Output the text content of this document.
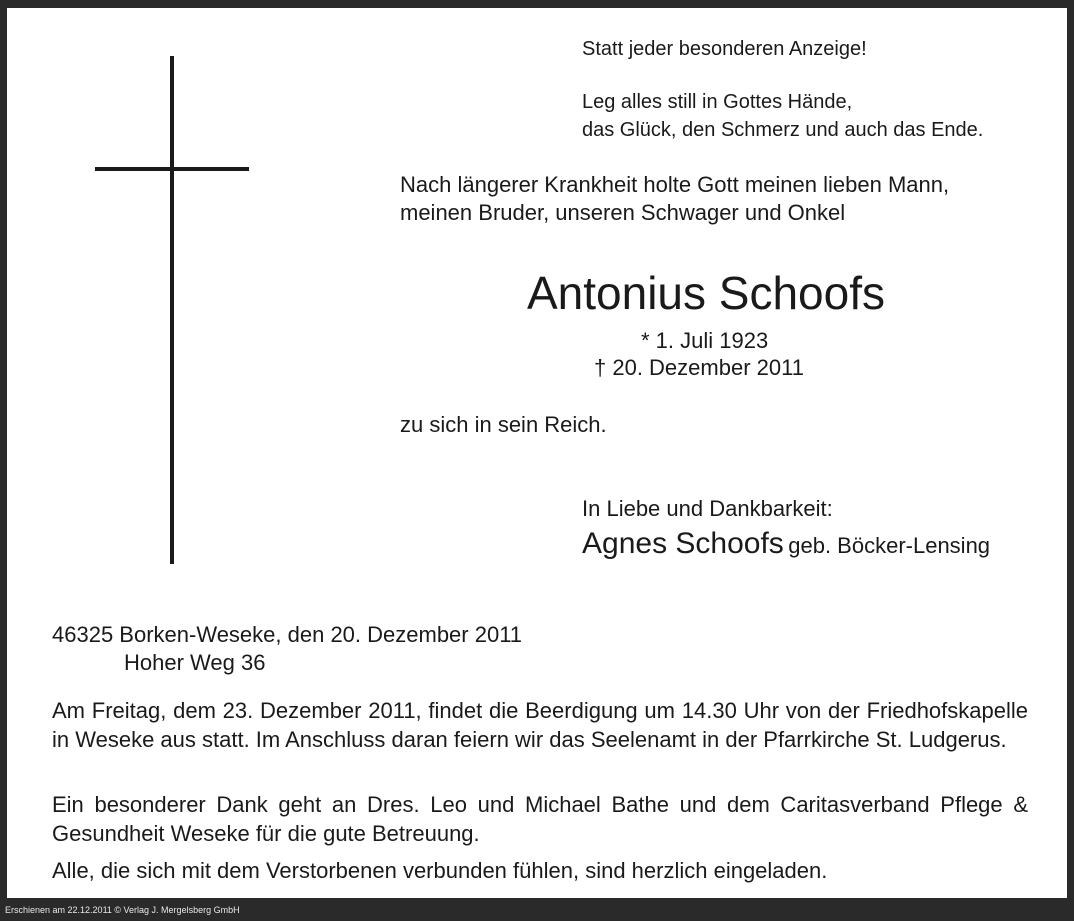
Statt jeder besonderen Anzeige!
Leg alles still in Gottes Hände,
das Glück, den Schmerz und auch das Ende.
Nach längerer Krankheit holte Gott meinen lieben Mann,
meinen Bruder, unseren Schwager und Onkel
Antonius Schoofs
* 1. Juli 1923
† 20. Dezember 2011
zu sich in sein Reich.
In Liebe und Dankbarkeit:
Agnes Schoofs geb. Böcker-Lensing
46325 Borken-Weseke, den 20. Dezember 2011
Hoher Weg 36
Am Freitag, dem 23. Dezember 2011, findet die Beerdigung um 14.30 Uhr von der Friedhofskapelle in Weseke aus statt. Im Anschluss daran feiern wir das Seelenamt in der Pfarrkirche St. Ludgerus.
Ein besonderer Dank geht an Dres. Leo und Michael Bathe und dem Caritasverband Pflege & Gesundheit Weseke für die gute Betreuung.
Alle, die sich mit dem Verstorbenen verbunden fühlen, sind herzlich eingeladen.
Erschienen am 22.12.2011 © Verlag J. Mergelsberg GmbH
